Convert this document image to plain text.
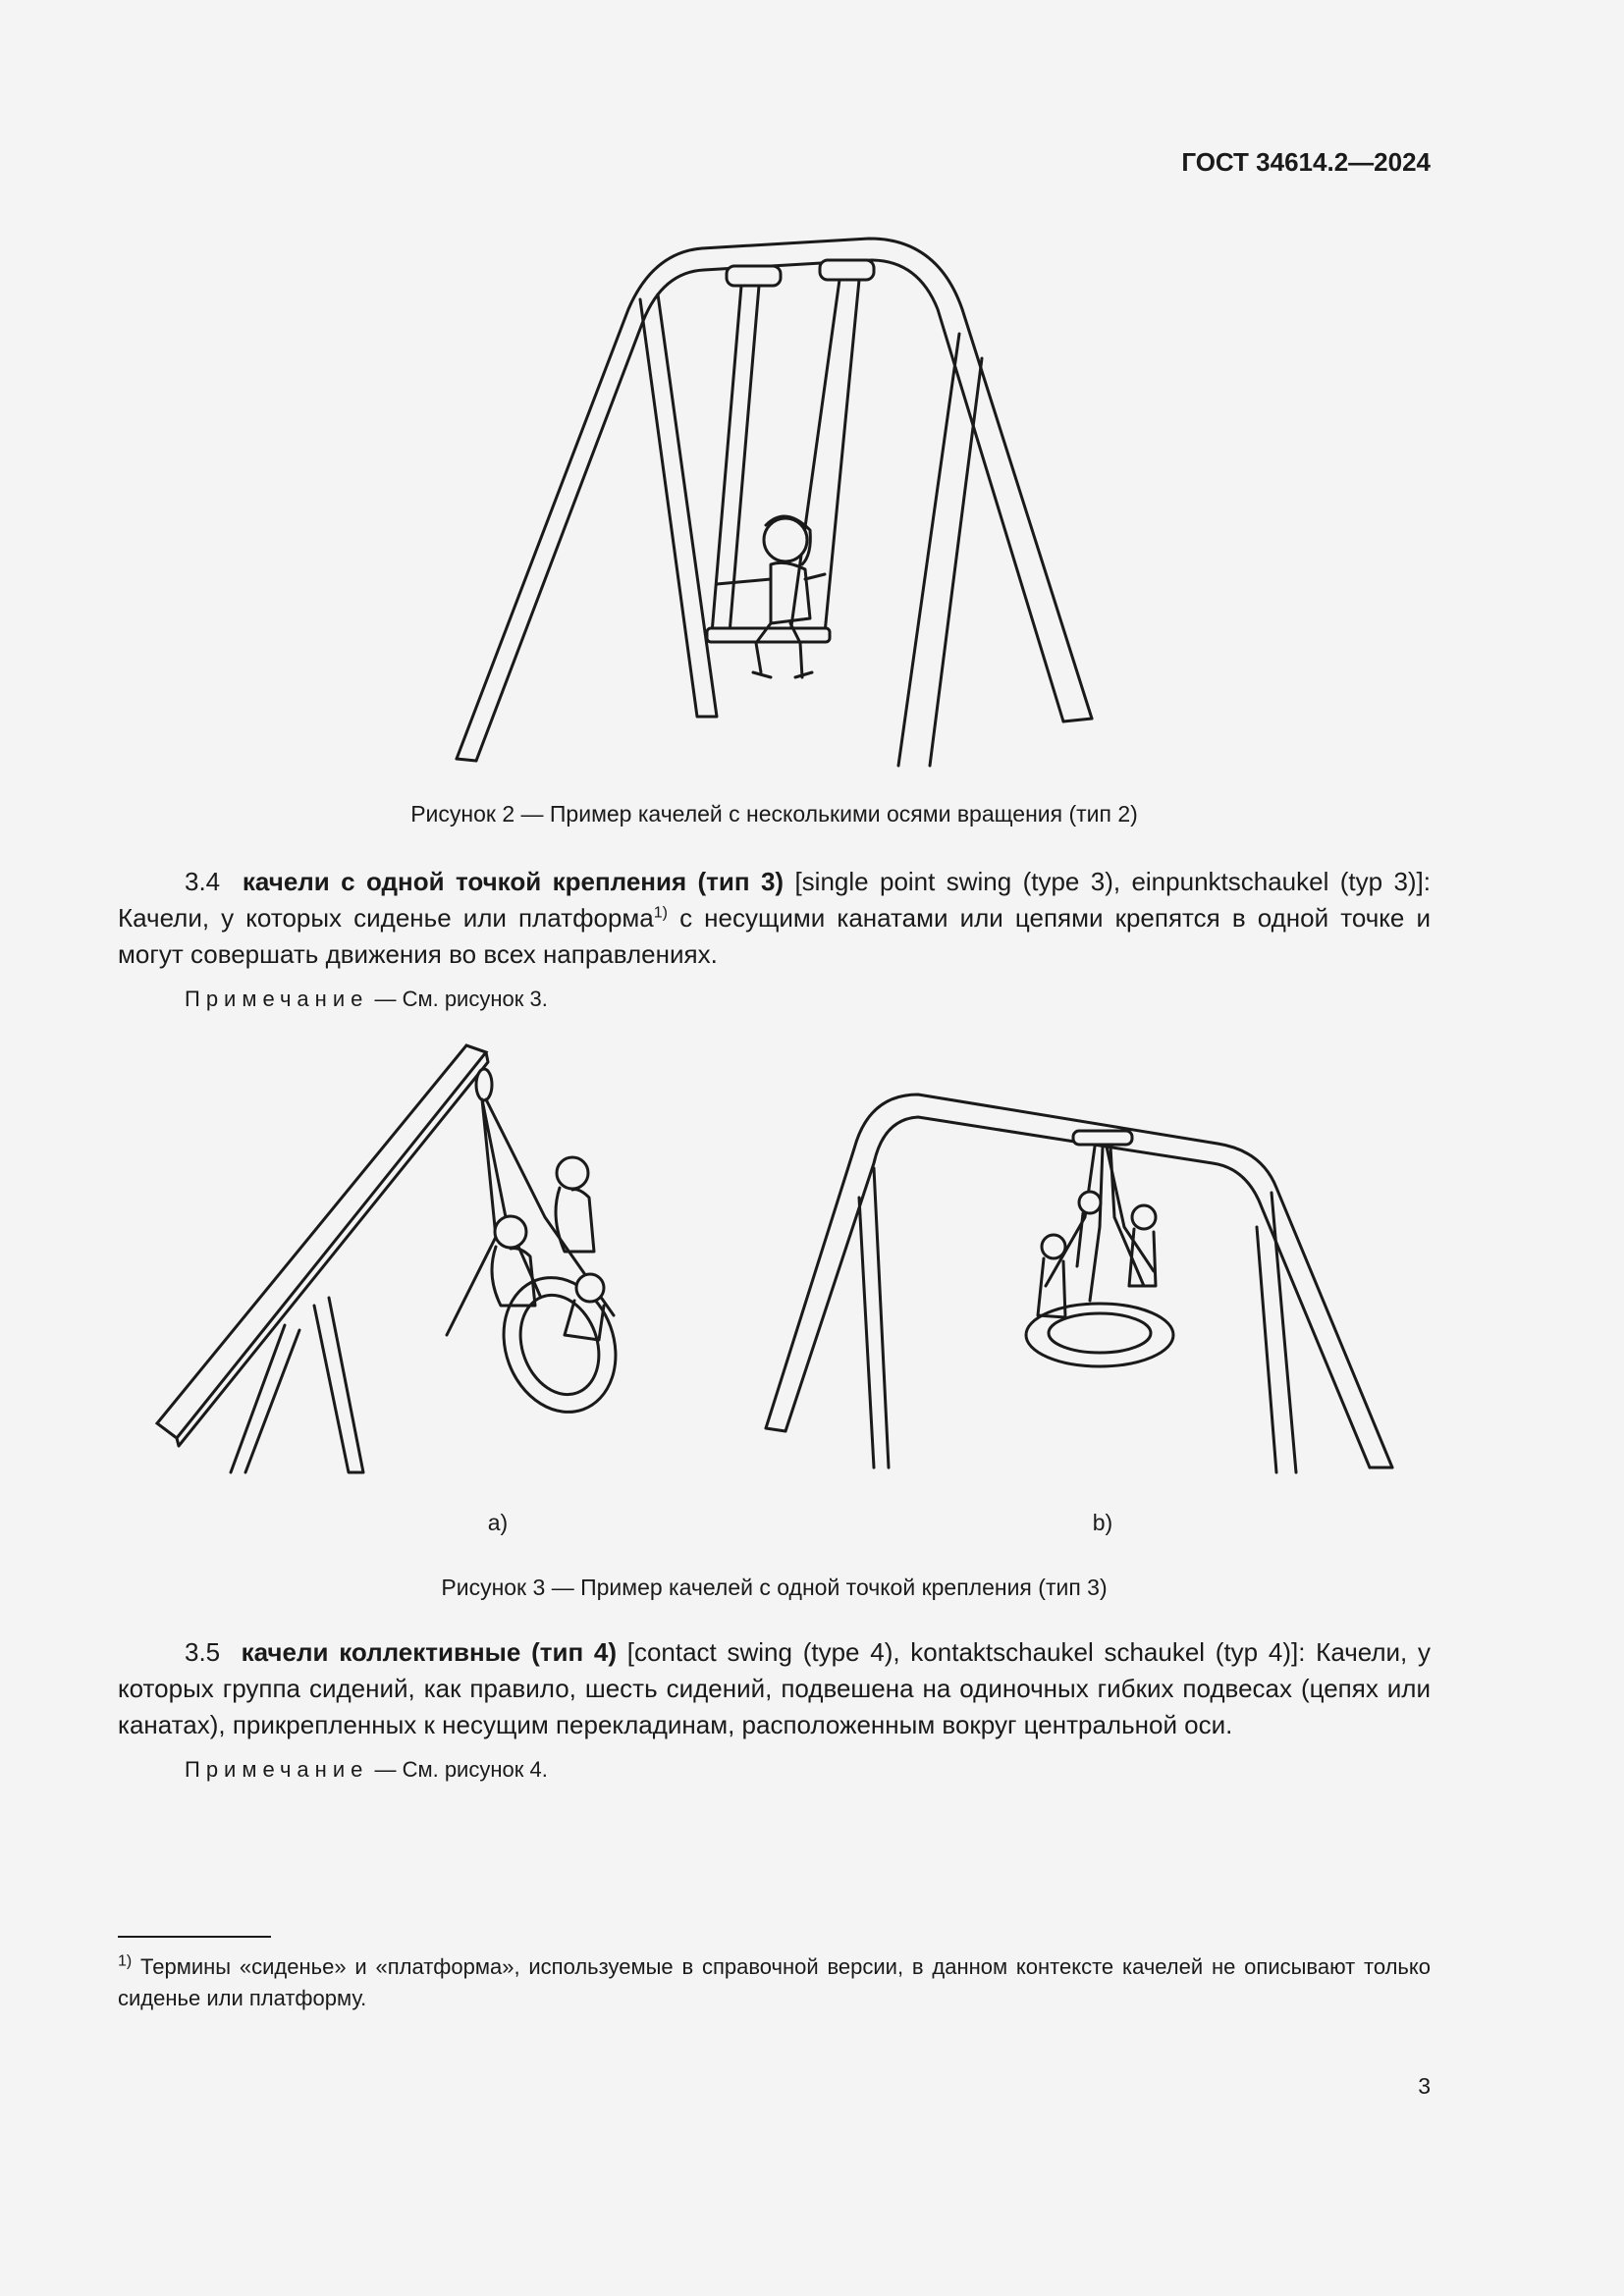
ГОСТ 34614.2—2024
Рисунок 2 — Пример качелей с несколькими осями вращения (тип 2)
3.4 качели с одной точкой крепления (тип 3) [single point swing (type 3), einpunktschaukel (typ 3)]: Качели, у которых сиденье или платформа$^{1)}$ с несущими канатами или цепями крепятся в одной точке и могут совершать движения во всех направлениях.
Примечание — См. рисунок 3.
а)	b)
Рисунок 3 — Пример качелей с одной точкой крепления (тип 3)
3.5 качели коллективные (тип 4) [contact swing (type 4), kontaktschaukel schaukel (typ 4)]: Качели, у которых группа сидений, как правило, шесть сидений, подвешена на одиночных гибких подвесах (цепях или канатах), прикрепленных к несущим перекладинам, расположенным вокруг центральной оси.
Примечание — См. рисунок 4.
$^{1)}$ Термины «сиденье» и «платформа», используемые в справочной версии, в данном контексте качелей не описывают только сиденье или платформу.
3
